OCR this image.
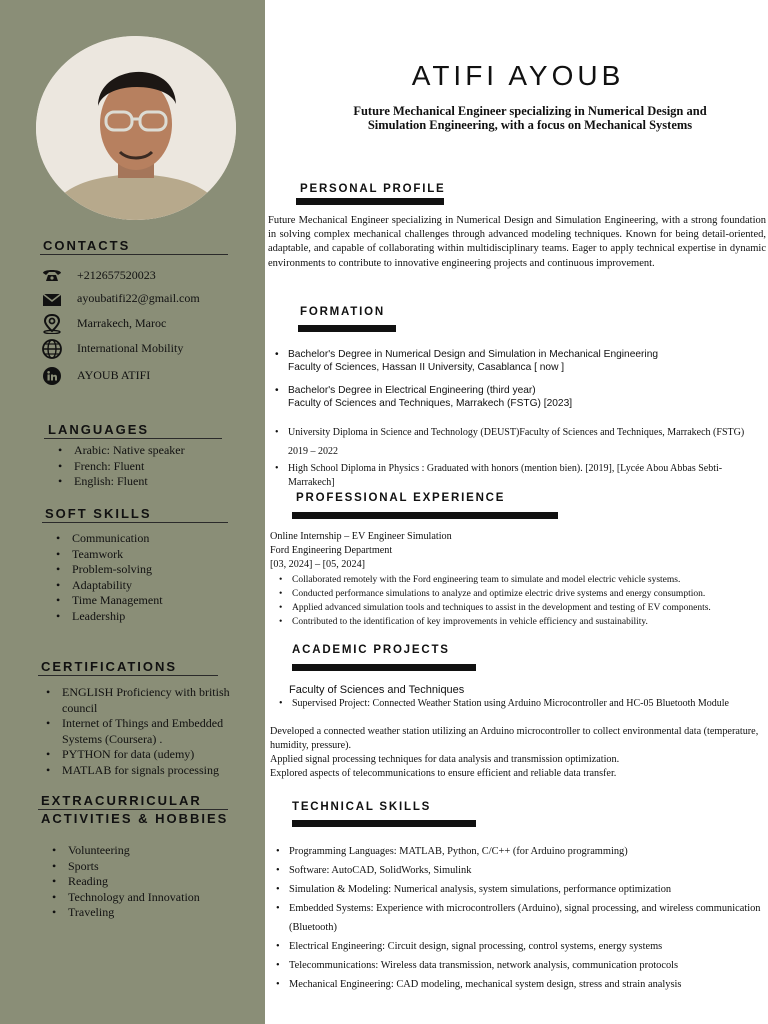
CONTACTS
+212657520023
ayoubatifi22@gmail.com
Marrakech, Maroc
International Mobility
AYOUB ATIFI
LANGUAGES
• Arabic: Native speaker
• French: Fluent
• English: Fluent
SOFT SKILLS
• Communication
• Teamwork
• Problem-solving
• Adaptability
• Time Management
• Leadership
CERTIFICATIONS
• ENGLISH Proficiency with british council
• Internet of Things and Embedded Systems (Coursera) .
• PYTHON for data (udemy)
• MATLAB for signals processing
EXTRACURRICULAR
ACTIVITIES & HOBBIES
• Volunteering
• Sports
• Reading
• Technology and Innovation
• Traveling
ATIFI AYOUB
Future Mechanical Engineer specializing in Numerical Design and Simulation Engineering, with a focus on Mechanical Systems
PERSONAL PROFILE

Future Mechanical Engineer specializing in Numerical Design and Simulation Engineering, with a strong foundation in solving complex mechanical challenges through advanced modeling techniques. Known for being detail-oriented, adaptable, and capable of collaborating within multidisciplinary teams. Eager to apply technical expertise in dynamic environments to contribute to innovative engineering projects and continuous improvement.

FORMATION
• Bachelor's Degree in Numerical Design and Simulation in Mechanical Engineering
Faculty of Sciences, Hassan II University, Casablanca [ now ]
• Bachelor's Degree in Electrical Engineering (third year)
Faculty of Sciences and Techniques, Marrakech (FSTG) [2023]
• University Diploma in Science and Technology (DEUST)Faculty of Sciences and Techniques, Marrakech (FSTG) 2019 – 2022
• High School Diploma in Physics : Graduated with honors (mention bien). [2019], [Lycée Abou Abbas Sebti- Marrakech]
PROFESSIONAL EXPERIENCE
Online Internship – EV Engineer Simulation
Ford Engineering Department
[03, 2024] – [05, 2024]
• Collaborated remotely with the Ford engineering team to simulate and model electric vehicle systems.
• Conducted performance simulations to analyze and optimize electric drive systems and energy consumption.
• Applied advanced simulation tools and techniques to assist in the development and testing of EV components.
• Contributed to the identification of key improvements in vehicle efficiency and sustainability.
ACADEMIC PROJECTS
Faculty of Sciences and Techniques
• Supervised Project: Connected Weather Station using Arduino Microcontroller and HC-05 Bluetooth Module
Developed a connected weather station utilizing an Arduino microcontroller to collect environmental data (temperature, humidity, pressure).
Applied signal processing techniques for data analysis and transmission optimization.
Explored aspects of telecommunications to ensure efficient and reliable data transfer.
TECHNICAL SKILLS
• Programming Languages: MATLAB, Python, C/C++ (for Arduino programming)
• Software: AutoCAD, SolidWorks, Simulink
• Simulation & Modeling: Numerical analysis, system simulations, performance optimization
• Embedded Systems: Experience with microcontrollers (Arduino), signal processing, and wireless communication (Bluetooth)
• Electrical Engineering: Circuit design, signal processing, control systems, energy systems
• Telecommunications: Wireless data transmission, network analysis, communication protocols
• Mechanical Engineering: CAD modeling, mechanical system design, stress and strain analysis
